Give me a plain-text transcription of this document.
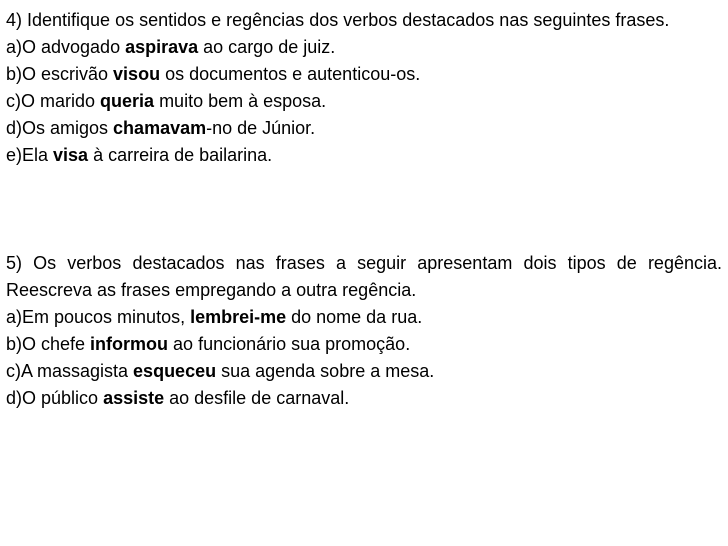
4) Identifique os sentidos e regências dos verbos destacados nas seguintes frases.

a)O advogado aspirava ao cargo de juiz.

b)O escrivão visou os documentos e autenticou-os.

c)O marido queria muito bem à esposa.

d)Os amigos chamavam-no de Júnior.

e)Ela visa à carreira de bailarina.

5) Os verbos destacados nas frases a seguir apresentam dois tipos de regência. Reescreva as frases empregando a outra regência.

a)Em poucos minutos, lembrei-me do nome da rua.

b)O chefe informou ao funcionário sua promoção.

c)A massagista esqueceu sua agenda sobre a mesa.

d)O público assiste ao desfile de carnaval.
